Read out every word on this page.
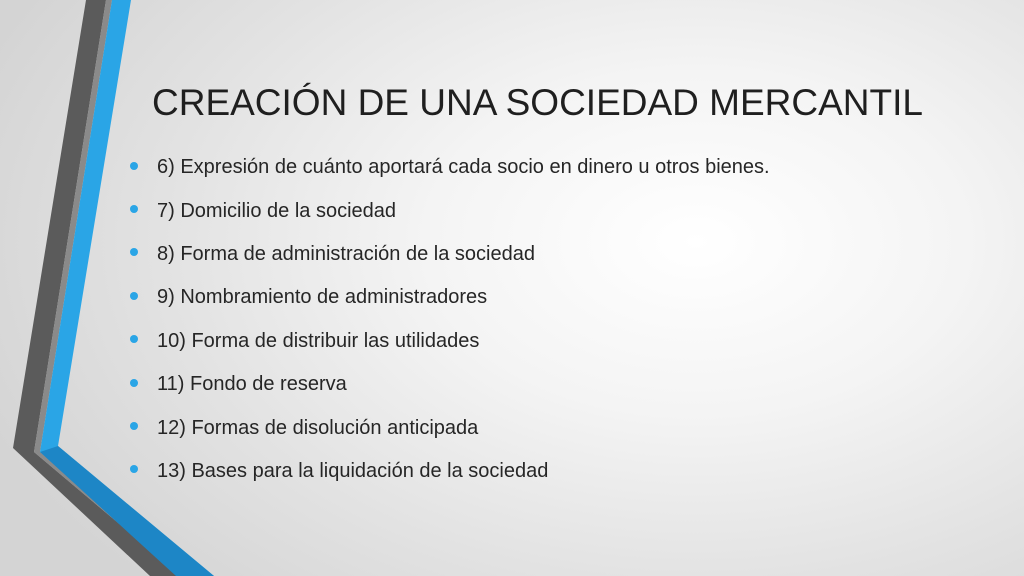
CREACIÓN DE UNA SOCIEDAD MERCANTIL
6) Expresión de cuánto aportará cada socio en dinero u otros bienes.
7) Domicilio de la sociedad
8) Forma de administración de la sociedad
9) Nombramiento de administradores
10) Forma de distribuir las utilidades
11) Fondo de reserva
12) Formas de disolución anticipada
13) Bases para la liquidación de la sociedad
